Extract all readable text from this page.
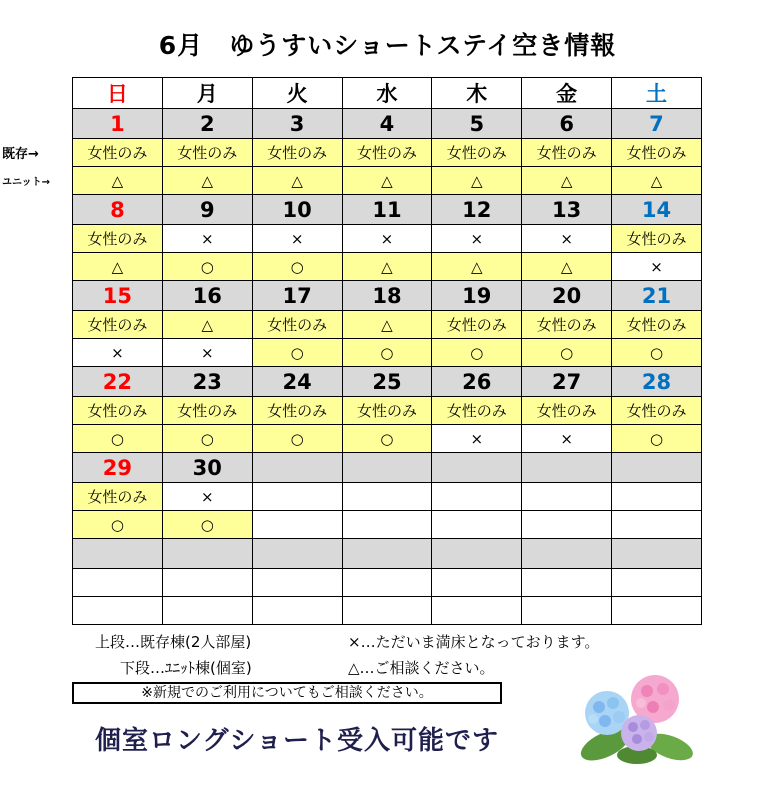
6月　ゆうすいショートステイ空き情報
既存→
ユニット→
日	月	火	水	木	金	土
1	2	3	4	5	6	7
女性のみ	女性のみ	女性のみ	女性のみ	女性のみ	女性のみ	女性のみ
△	△	△	△	△	△	△
8	9	10	11	12	13	14
女性のみ	×	×	×	×	×	女性のみ
△	○	○	△	△	△	×
15	16	17	18	19	20	21
女性のみ	△	女性のみ	△	女性のみ	女性のみ	女性のみ
×	×	○	○	○	○	○
22	23	24	25	26	27	28
女性のみ	女性のみ	女性のみ	女性のみ	女性のみ	女性のみ	女性のみ
○	○	○	○	×	×	○
29	30					
女性のみ	×					
○	○					

上段…既存棟(2人部屋)	×…ただいま満床となっております。
下段…ﾕﾆｯﾄ棟(個室)	△…ご相談ください。
※新規でのご利用についてもご相談ください。
個室ロングショート受入可能です
